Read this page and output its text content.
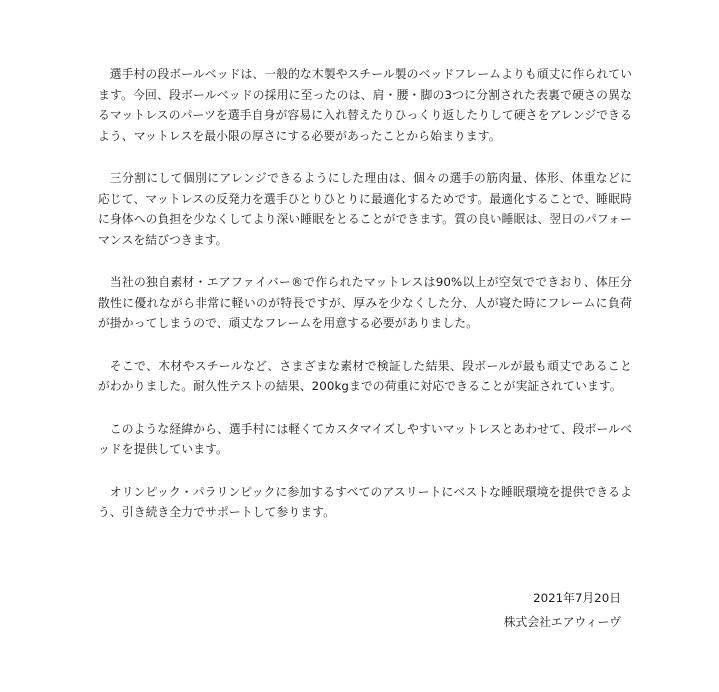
選手村の段ボールベッドは、一般的な木製やスチール製のベッドフレームよりも頑丈に作られています。今回、段ボールベッドの採用に至ったのは、肩・腰・脚の3つに分割された表裏で硬さの異なるマットレスのパーツを選手自身が容易に入れ替えたりひっくり返したりして硬さをアレンジできるよう、マットレスを最小限の厚さにする必要があったことから始まります。

三分割にして個別にアレンジできるようにした理由は、個々の選手の筋肉量、体形、体重などに応じて、マットレスの反発力を選手ひとりひとりに最適化するためです。最適化することで、睡眠時に身体への負担を少なくしてより深い睡眠をとることができます。質の良い睡眠は、翌日のパフォーマンスを結びつきます。

当社の独自素材・エアファイバー®で作られたマットレスは90%以上が空気でできおり、体圧分散性に優れながら非常に軽いのが特長ですが、厚みを少なくした分、人が寝た時にフレームに負荷が掛かってしまうので、頑丈なフレームを用意する必要がありました。

そこで、木材やスチールなど、さまざまな素材で検証した結果、段ボールが最も頑丈であることがわかりました。耐久性テストの結果、200kgまでの荷重に対応できることが実証されています。

このような経緯から、選手村には軽くてカスタマイズしやすいマットレスとあわせて、段ボールベッドを提供しています。

オリンピック・パラリンピックに参加するすべてのアスリートにベストな睡眠環境を提供できるよう、引き続き全力でサポートして参ります。

2021年7月20日
株式会社エアウィーヴ
